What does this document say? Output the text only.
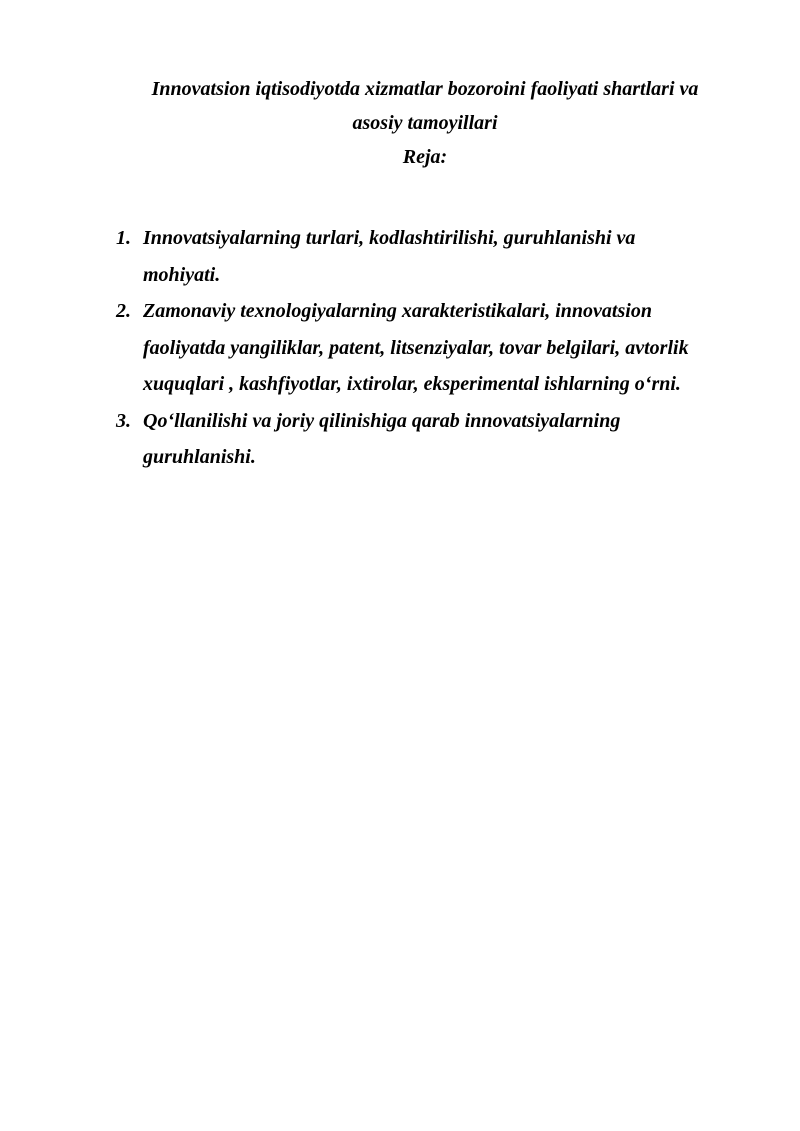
Innovatsion iqtisodiyotda xizmatlar bozoroini faoliyati shartlari va
asosiy tamoyillari
Reja:
1. Innovatsiyalarning turlari, kodlashtirilishi, guruhlanishi va
mohiyati.
2. Zamonaviy texnologiyalarning xarakteristikalari, innovatsion
faoliyatda yangiliklar, patent, litsenziyalar, tovar belgilari, avtorlik
xuquqlari , kashfiyotlar, ixtirolar, eksperimental ishlarning o‘rni.
3. Qo‘llanilishi va joriy qilinishiga qarab innovatsiyalarning
guruhlanishi.
